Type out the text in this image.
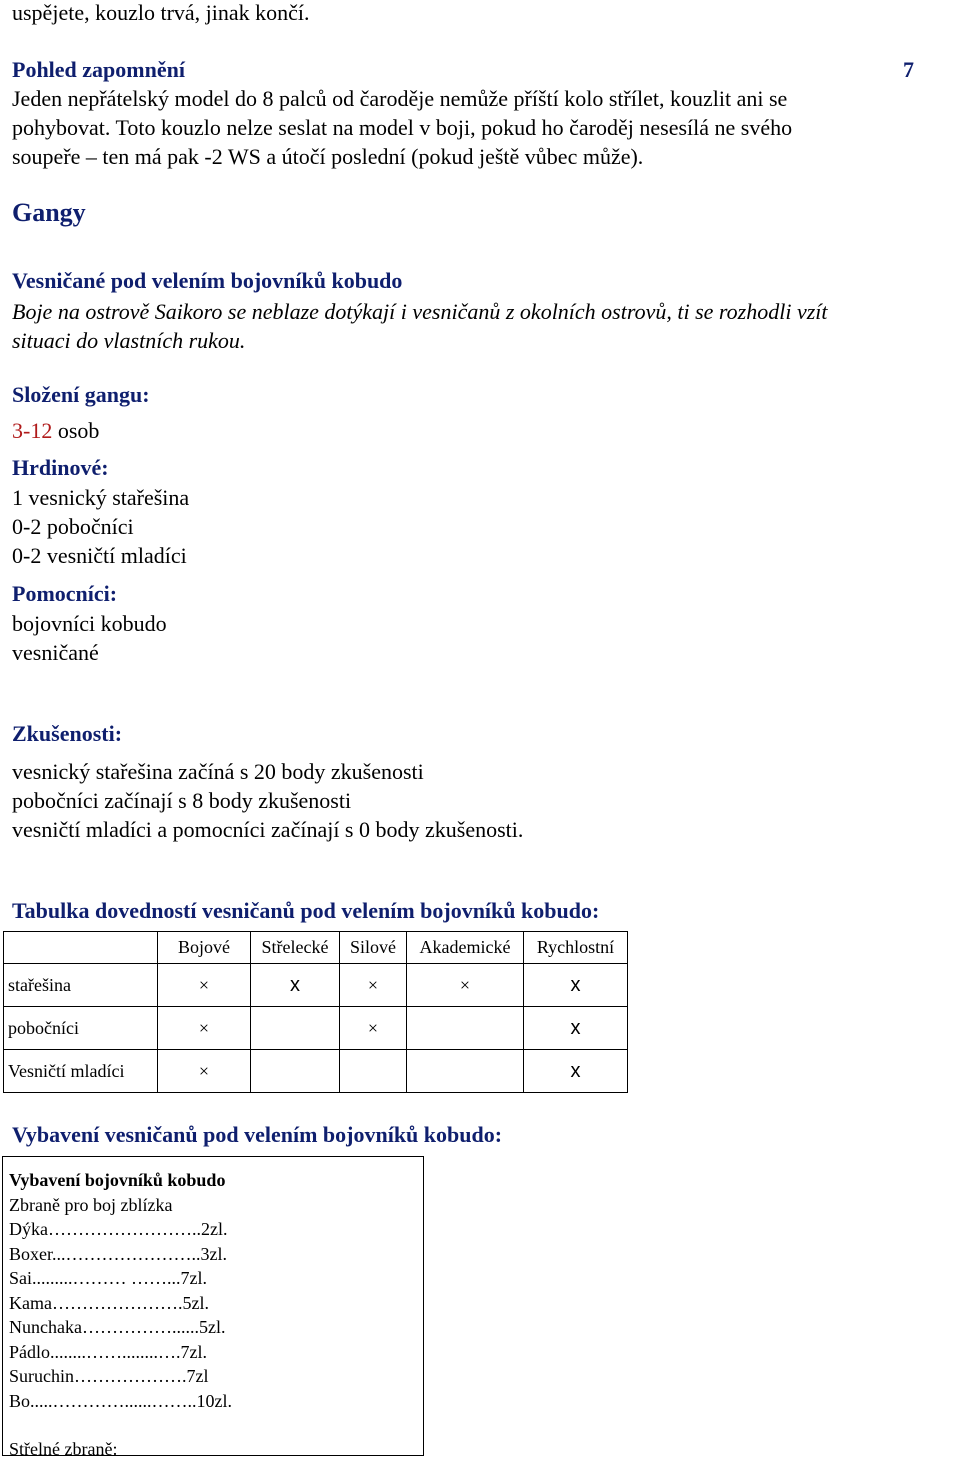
uspějete, kouzlo trvá, jinak končí.
Pohled zapomnění	7
Jeden nepřátelský model do 8 palců od čaroděje nemůže příští kolo střílet, kouzlit ani se
pohybovat. Toto kouzlo nelze seslat na model v boji, pokud ho čaroděj nesesílá ne svého
soupeře – ten má pak -2 WS a útočí poslední (pokud ještě vůbec může).
Gangy
Vesničané pod velením bojovníků kobudo
Boje na ostrově Saikoro se neblaze dotýkají i vesničanů z okolních ostrovů, ti se rozhodli vzít
situaci do vlastních rukou.
Složení gangu:
3-12 osob
Hrdinové:
1 vesnický stařešina
0-2 pobočníci
0-2 vesničtí mladíci
Pomocníci:
bojovníci kobudo
vesničané
Zkušenosti:
vesnický stařešina začíná s 20 body zkušenosti
pobočníci začínají s 8 body zkušenosti
vesničtí mladíci a pomocníci začínají s 0 body zkušenosti.
Tabulka dovedností vesničanů pod velením bojovníků kobudo:
	Bojové	Střelecké	Silové	Akademické	Rychlostní
stařešina	×	x	×	×	x
pobočníci	×		×		x
Vesničtí mladíci	×				x
Vybavení vesničanů pod velením bojovníků kobudo:
Vybavení bojovníků kobudo
Zbraně pro boj zblízka
Dýka……………………..2zl.
Boxer...…………………..3zl.
Sai.........……… ……...7zl.
Kama………………….5zl.
Nunchaka……………......5zl.
Pádlo........……........….7zl.
Suruchin……………….7zl
Bo.....…………......……..10zl.
Střelné zbraně:
